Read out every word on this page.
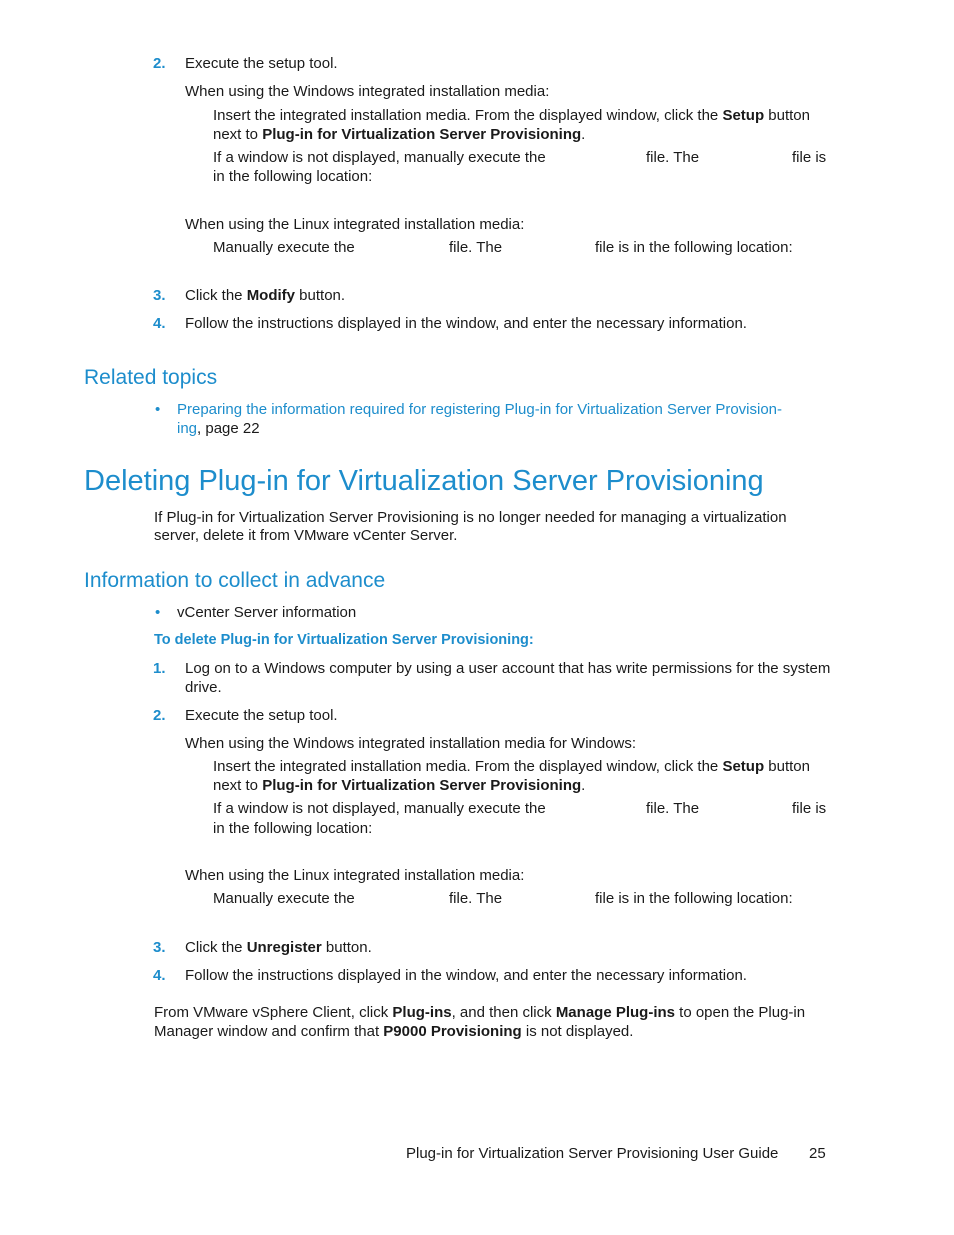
2. Execute the setup tool.
When using the Windows integrated installation media:
Insert the integrated installation media. From the displayed window, click the Setup button
next to Plug-in for Virtualization Server Provisioning.
If a window is not displayed, manually execute the	file. The	file is
in the following location:
When using the Linux integrated installation media:
Manually execute the	file. The	file is in the following location:
3. Click the Modify button.
4. Follow the instructions displayed in the window, and enter the necessary information.
Related topics
• Preparing the information required for registering Plug-in for Virtualization Server Provision-
ing, page 22
Deleting Plug-in for Virtualization Server Provisioning
If Plug-in for Virtualization Server Provisioning is no longer needed for managing a virtualization
server, delete it from VMware vCenter Server.
Information to collect in advance
• vCenter Server information
To delete Plug-in for Virtualization Server Provisioning:
1. Log on to a Windows computer by using a user account that has write permissions for the system
drive.
2. Execute the setup tool.
When using the Windows integrated installation media for Windows:
Insert the integrated installation media. From the displayed window, click the Setup button
next to Plug-in for Virtualization Server Provisioning.
If a window is not displayed, manually execute the	file. The	file is
in the following location:
When using the Linux integrated installation media:
Manually execute the	file. The	file is in the following location:
3. Click the Unregister button.
4. Follow the instructions displayed in the window, and enter the necessary information.
From VMware vSphere Client, click Plug-ins, and then click Manage Plug-ins to open the Plug-in
Manager window and confirm that P9000 Provisioning is not displayed.
Plug-in for Virtualization Server Provisioning User Guide 25
